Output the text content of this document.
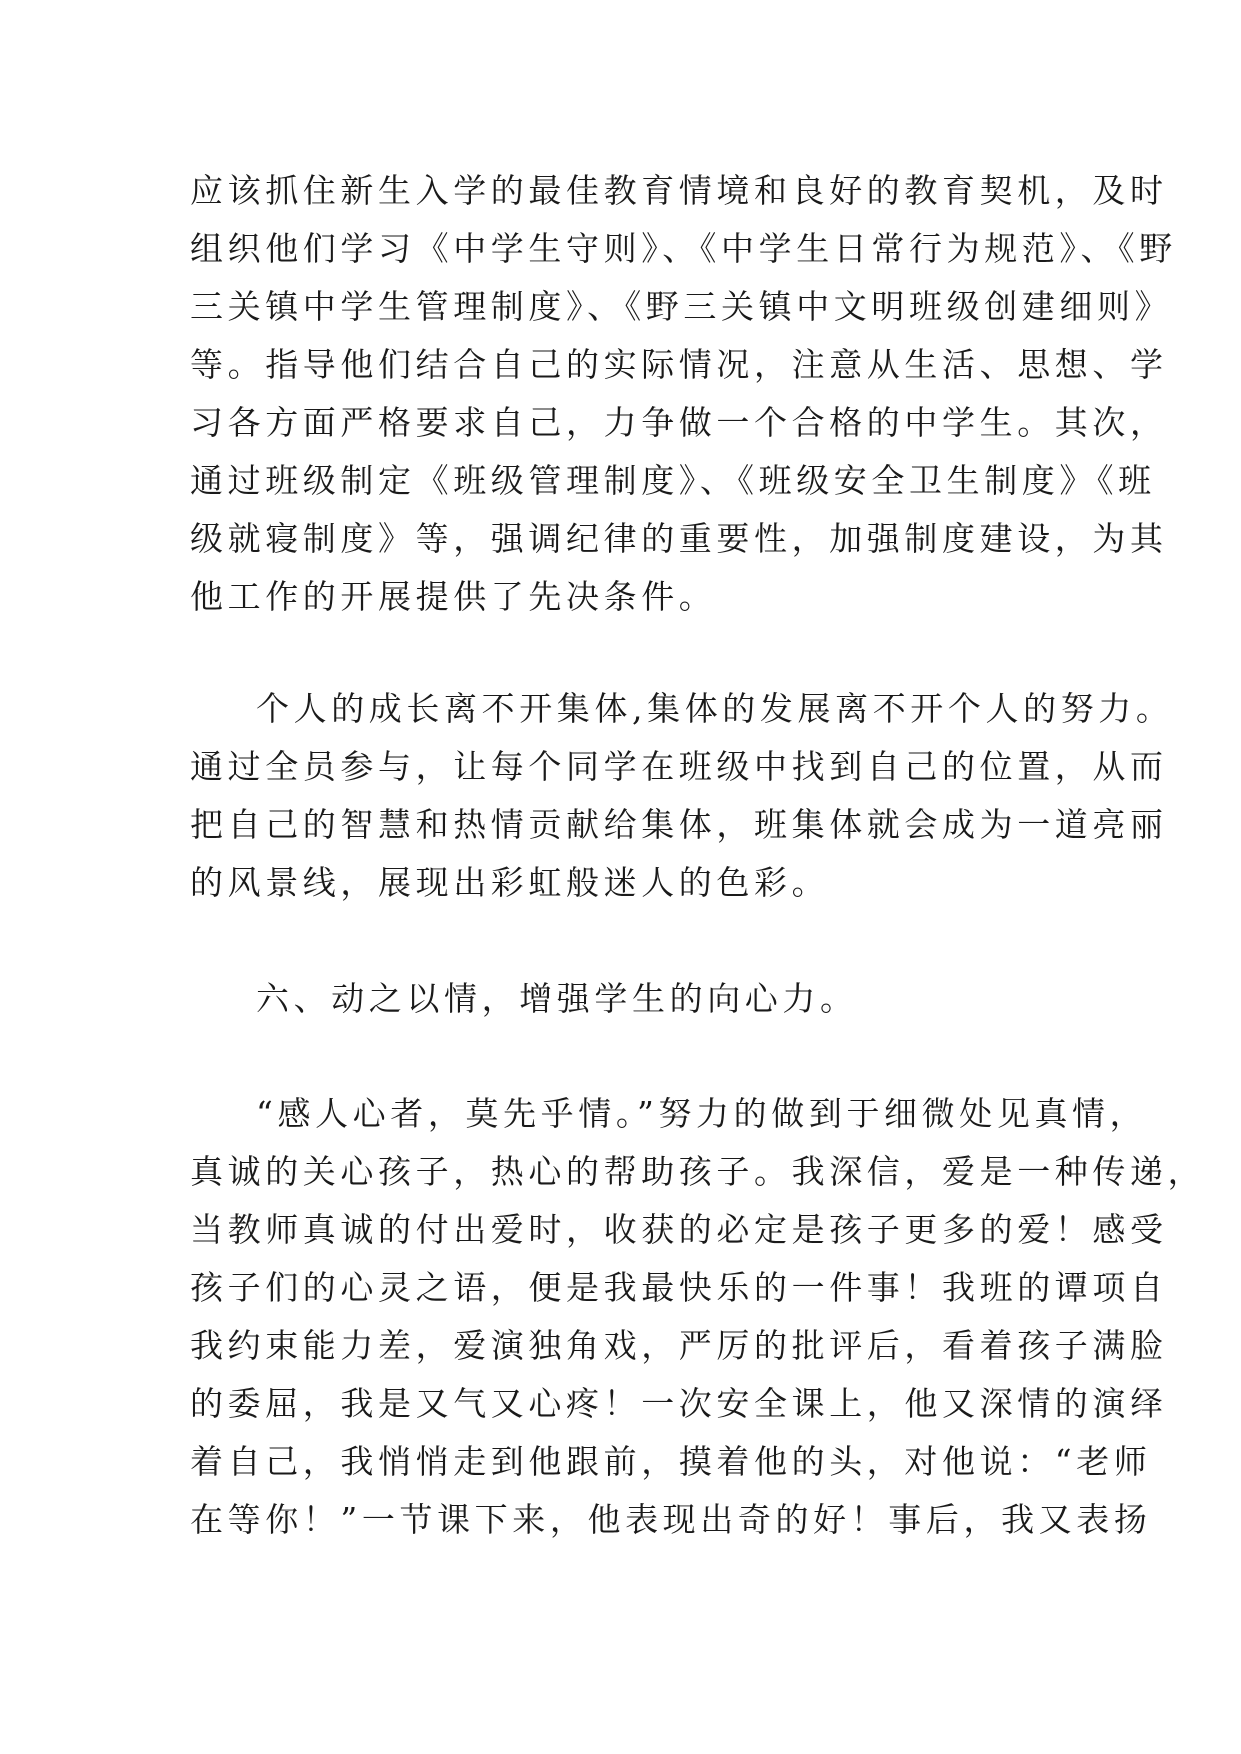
应该抓住新生入学的最佳教育情境和良好的教育契机，及时
组织他们学习《中学生守则》、《中学生日常行为规范》、《野
三关镇中学生管理制度》、《野三关镇中文明班级创建细则》
等。指导他们结合自己的实际情况，注意从生活、思想、学
习各方面严格要求自己，力争做一个合格的中学生。其次，
通过班级制定《班级管理制度》、《班级安全卫生制度》《班
级就寝制度》等，强调纪律的重要性，加强制度建设，为其
他工作的开展提供了先决条件。
个人的成长离不开集体,集体的发展离不开个人的努力。
通过全员参与，让每个同学在班级中找到自己的位置，从而
把自己的智慧和热情贡献给集体，班集体就会成为一道亮丽
的风景线，展现出彩虹般迷人的色彩。
六、动之以情，增强学生的向心力。
“感人心者，莫先乎情。”努力的做到于细微处见真情，
真诚的关心孩子，热心的帮助孩子。我深信，爱是一种传递，
当教师真诚的付出爱时，收获的必定是孩子更多的爱！感受
孩子们的心灵之语，便是我最快乐的一件事！我班的谭项自
我约束能力差，爱演独角戏，严厉的批评后，看着孩子满脸
的委屈，我是又气又心疼！一次安全课上，他又深情的演绎
着自己，我悄悄走到他跟前，摸着他的头，对他说：“老师
在等你！”一节课下来，他表现出奇的好！事后，我又表扬
